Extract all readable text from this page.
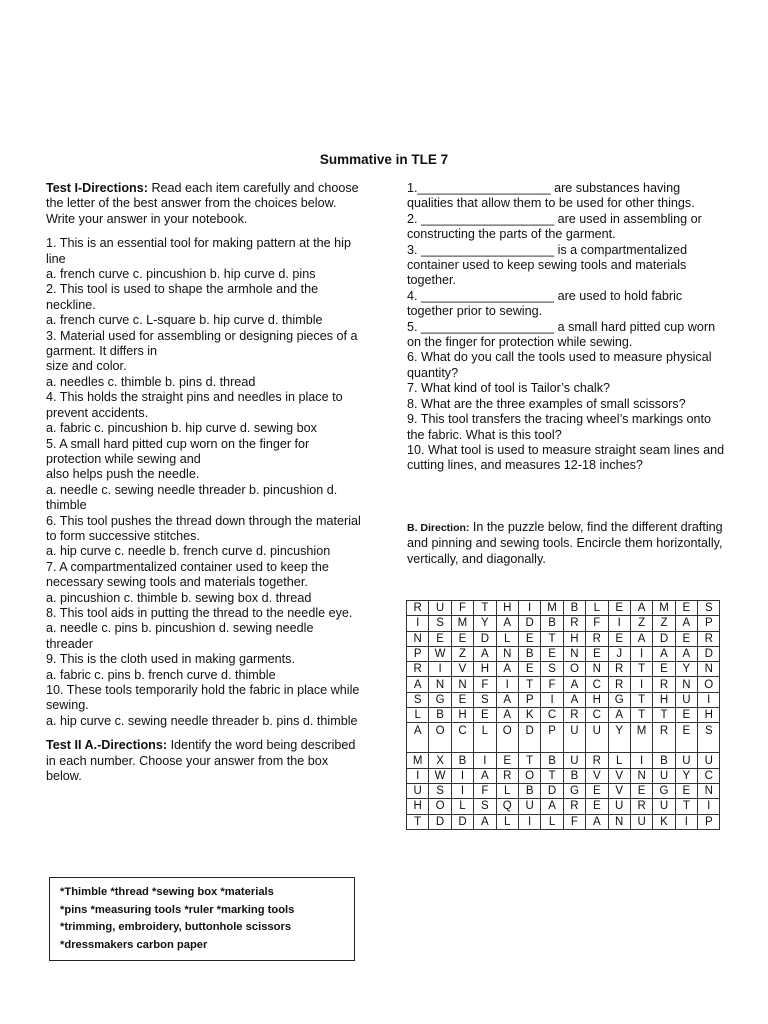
Summative in TLE 7

Test I-Directions: Read each item carefully and choose the letter of the best answer from the choices below. Write your answer in your notebook.

1. This is an essential tool for making pattern at the hip line

a. french curve c. pincushion b. hip curve d. pins

2. This tool is used to shape the armhole and the neckline.

a. french curve c. L-square b. hip curve d. thimble

3. Material used for assembling or designing pieces of a garment. It differs in

size and color.

a. needles c. thimble b. pins d. thread

4. This holds the straight pins and needles in place to prevent accidents.

a. fabric c. pincushion b. hip curve d. sewing box

5. A small hard pitted cup worn on the finger for protection while sewing and

also helps push the needle.

a. needle c. sewing needle threader b. pincushion d. thimble

6. This tool pushes the thread down through the material to form successive stitches.

a. hip curve c. needle b. french curve d. pincushion

7. A compartmentalized container used to keep the necessary sewing tools and materials together.

a. pincushion c. thimble b. sewing box d. thread

8. This tool aids in putting the thread to the needle eye.

a. needle c. pins b. pincushion d. sewing needle threader

9. This is the cloth used in making garments.

a. fabric c. pins b. french curve d. thimble

10. These tools temporarily hold the fabric in place while sewing.

a. hip curve c. sewing needle threader b. pins d. thimble

Test II A.-Directions: Identify the word being described in each number. Choose your answer from the box below.

*Thimble *thread *sewing box *materials
*pins *measuring tools *ruler *marking tools
*trimming, embroidery, buttonhole scissors
*dressmakers carbon paper

1.___________________ are substances having qualities that allow them to be used for other things.

2. ___________________ are used in assembling or constructing the parts of the garment.

3. ___________________ is a compartmentalized container used to keep sewing tools and materials together.

4. ___________________ are used to hold fabric together prior to sewing.

5. ___________________ a small hard pitted cup worn on the finger for protection while sewing.

6. What do you call the tools used to measure physical quantity?

7. What kind of tool is Tailor’s chalk?

8. What are the three examples of small scissors?

9. This tool transfers the tracing wheel’s markings onto the fabric. What is this tool?

10. What tool is used to measure straight seam lines and cutting lines, and measures 12-18 inches?

B. Direction: In the puzzle below, find the different drafting and pinning and sewing tools. Encircle them horizontally, vertically, and diagonally.

R	U	F	T	H	I	M	B	L	E	A	M	E	S
I	S	M	Y	A	D	B	R	F	I	Z	Z	A	P
N	E	E	D	L	E	T	H	R	E	A	D	E	R
P	W	Z	A	N	B	E	N	E	J	I	A	A	D
R	I	V	H	A	E	S	O	N	R	T	E	Y	N
A	N	N	F	I	T	F	A	C	R	I	R	N	O
S	G	E	S	A	P	I	A	H	G	T	H	U	I
L	B	H	E	A	K	C	R	C	A	T	T	E	H
A	O	C	L	O	D	P	U	U	Y	M	R	E	S
M	X	B	I	E	T	B	U	R	L	I	B	U	U
I	W	I	A	R	O	T	B	V	V	N	U	Y	C
U	S	I	F	L	B	D	G	E	V	E	G	E	N
H	O	L	S	Q	U	A	R	E	U	R	U	T	I
T	D	D	A	L	I	L	F	A	N	U	K	I	P
